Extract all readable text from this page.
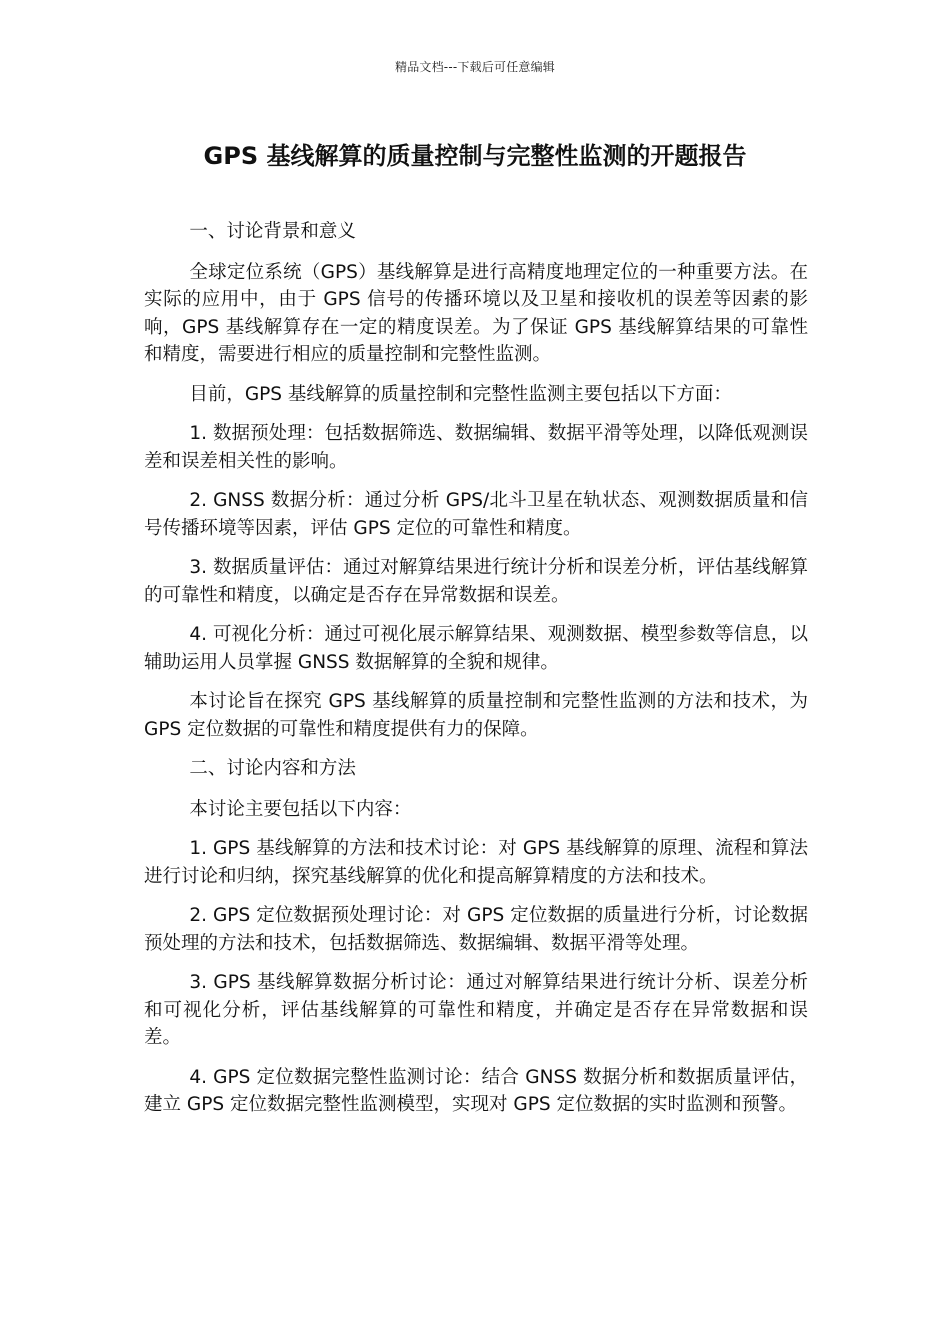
精品文档---下载后可任意编辑
GPS 基线解算的质量控制与完整性监测的开题报告

一、讨论背景和意义

全球定位系统（GPS）基线解算是进行高精度地理定位的一种重要方法。在实际的应用中，由于 GPS 信号的传播环境以及卫星和接收机的误差等因素的影响，GPS 基线解算存在一定的精度误差。为了保证 GPS 基线解算结果的可靠性和精度，需要进行相应的质量控制和完整性监测。

目前，GPS 基线解算的质量控制和完整性监测主要包括以下方面：

1. 数据预处理：包括数据筛选、数据编辑、数据平滑等处理，以降低观测误差和误差相关性的影响。

2. GNSS 数据分析：通过分析 GPS/北斗卫星在轨状态、观测数据质量和信号传播环境等因素，评估 GPS 定位的可靠性和精度。

3. 数据质量评估：通过对解算结果进行统计分析和误差分析，评估基线解算的可靠性和精度，以确定是否存在异常数据和误差。

4. 可视化分析：通过可视化展示解算结果、观测数据、模型参数等信息，以辅助运用人员掌握 GNSS 数据解算的全貌和规律。

本讨论旨在探究 GPS 基线解算的质量控制和完整性监测的方法和技术，为 GPS 定位数据的可靠性和精度提供有力的保障。

二、讨论内容和方法

本讨论主要包括以下内容：

1. GPS 基线解算的方法和技术讨论：对 GPS 基线解算的原理、流程和算法进行讨论和归纳，探究基线解算的优化和提高解算精度的方法和技术。

2. GPS 定位数据预处理讨论：对 GPS 定位数据的质量进行分析，讨论数据预处理的方法和技术，包括数据筛选、数据编辑、数据平滑等处理。

3. GPS 基线解算数据分析讨论：通过对解算结果进行统计分析、误差分析和可视化分析，评估基线解算的可靠性和精度，并确定是否存在异常数据和误差。

4. GPS 定位数据完整性监测讨论：结合 GNSS 数据分析和数据质量评估，建立 GPS 定位数据完整性监测模型，实现对 GPS 定位数据的实时监测和预警。
